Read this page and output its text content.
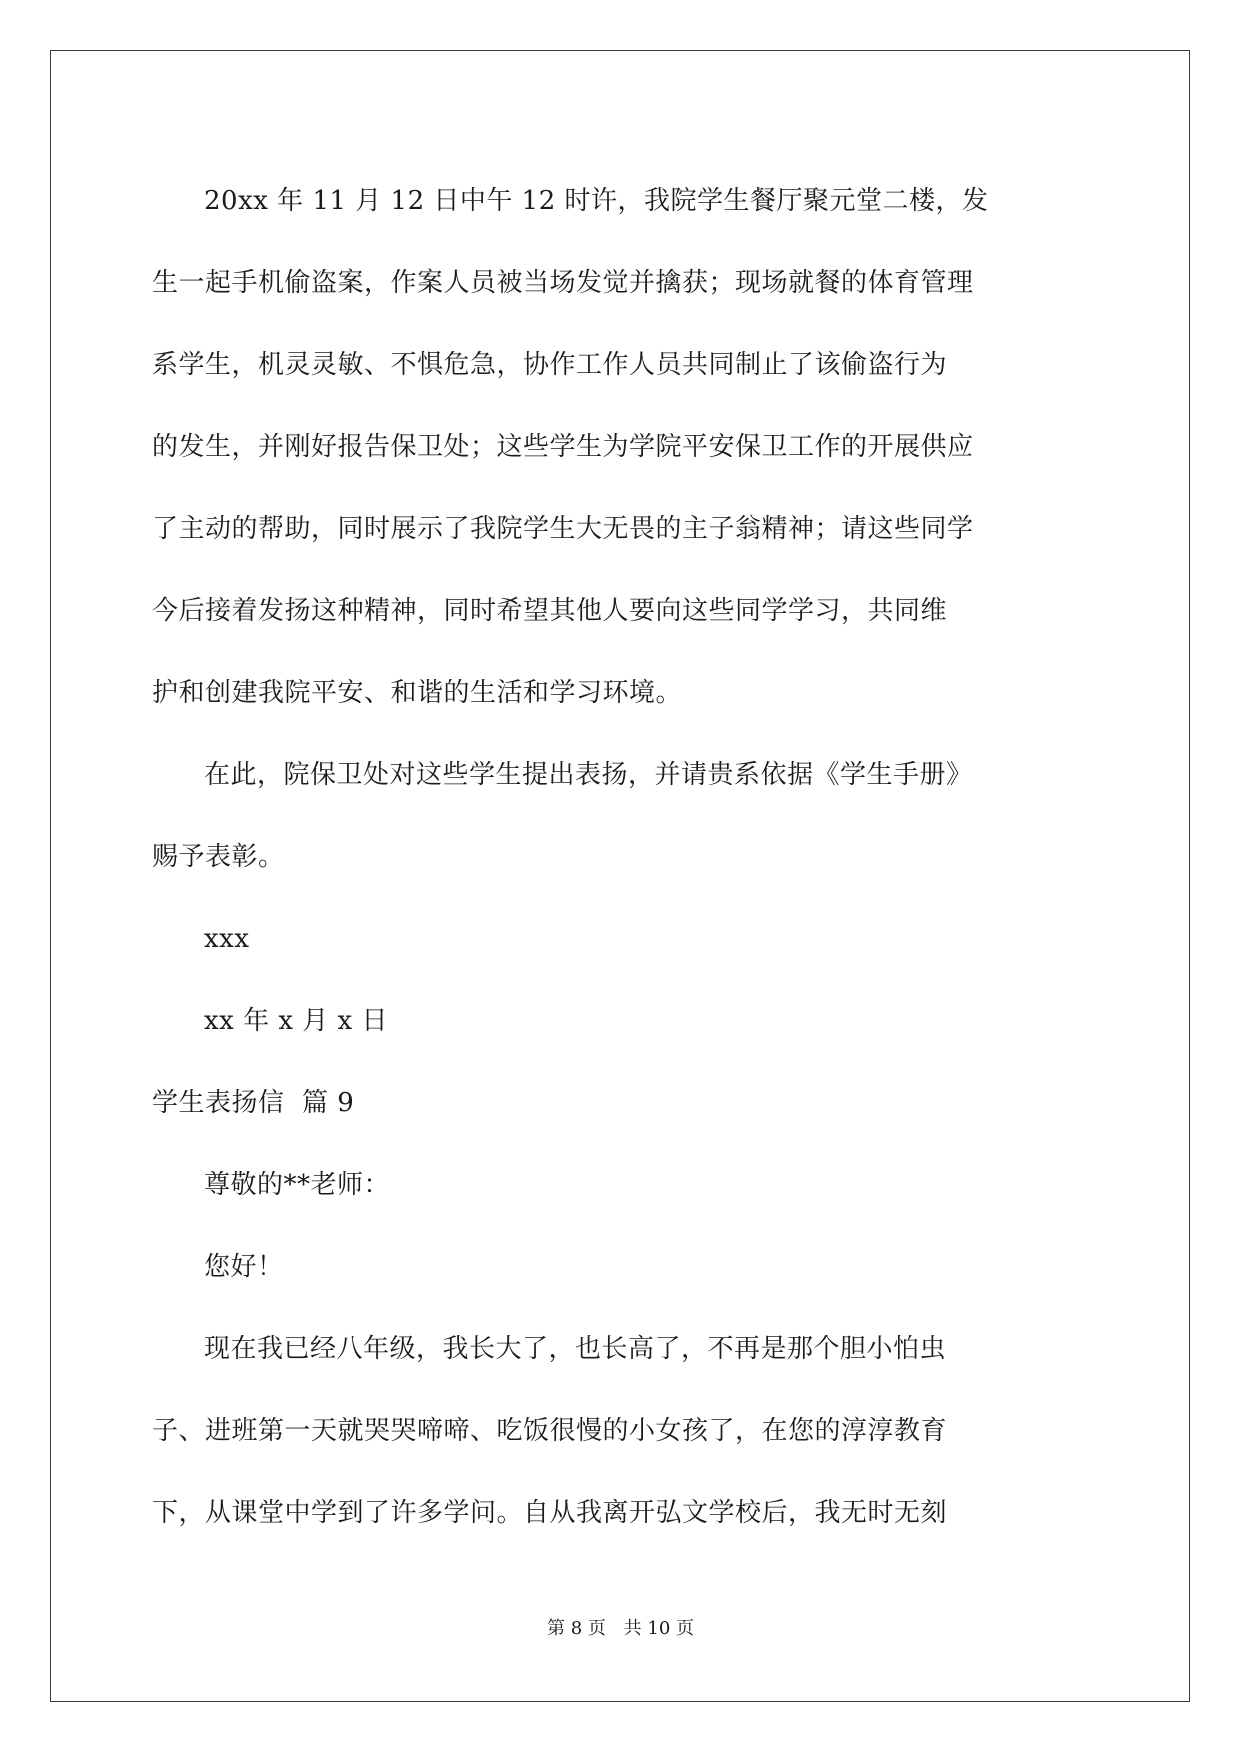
20xx 年 11 月 12 日中午 12 时许，我院学生餐厅聚元堂二楼，发
生一起手机偷盗案，作案人员被当场发觉并擒获；现场就餐的体育管理
系学生，机灵灵敏、不惧危急，协作工作人员共同制止了该偷盗行为
的发生，并刚好报告保卫处；这些学生为学院平安保卫工作的开展供应
了主动的帮助，同时展示了我院学生大无畏的主子翁精神；请这些同学
今后接着发扬这种精神，同时希望其他人要向这些同学学习，共同维
护和创建我院平安、和谐的生活和学习环境。

在此，院保卫处对这些学生提出表扬，并请贵系依据《学生手册》
赐予表彰。

xxx

xx 年 x 月 x 日

学生表扬信  篇 9

尊敬的**老师：

您好！

现在我已经八年级，我长大了，也长高了，不再是那个胆小怕虫
子、进班第一天就哭哭啼啼、吃饭很慢的小女孩了，在您的淳淳教育
下，从课堂中学到了许多学问。自从我离开弘文学校后，我无时无刻

第 8 页 共 10 页
